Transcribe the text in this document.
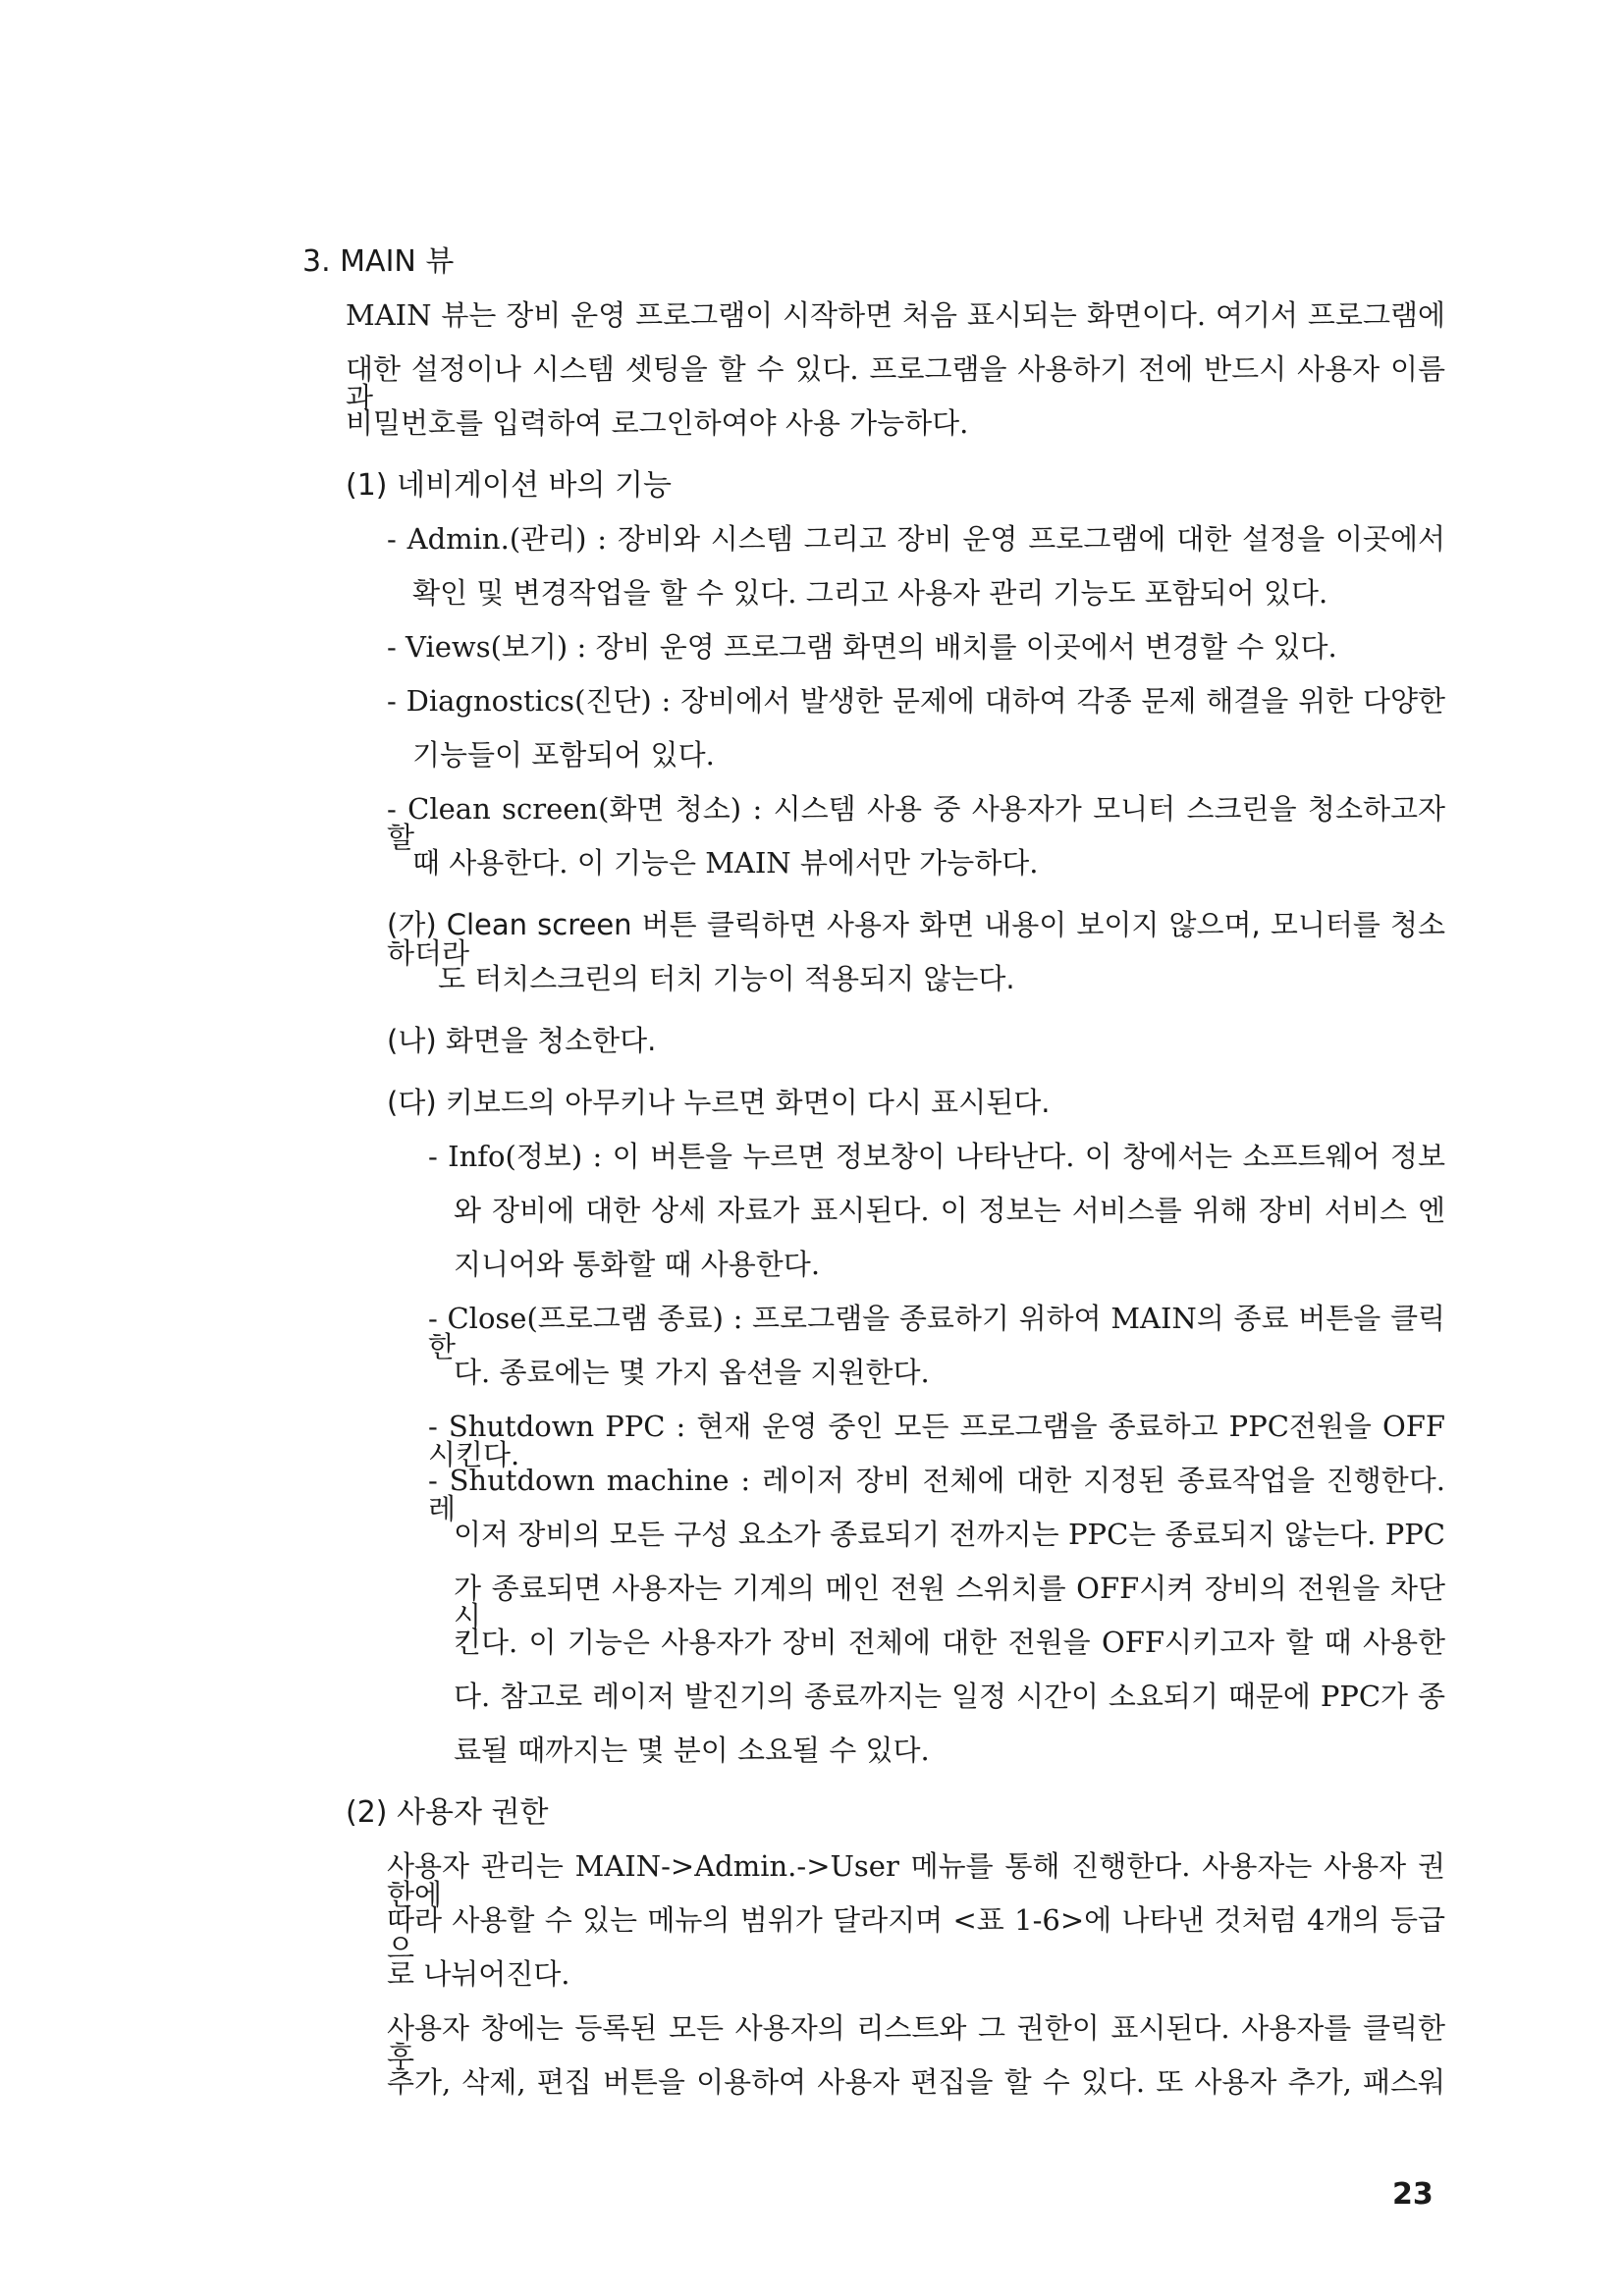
3. MAIN 뷰
MAIN 뷰는 장비 운영 프로그램이 시작하면 처음 표시되는 화면이다. 여기서 프로그램에
대한 설정이나 시스템 셋팅을 할 수 있다. 프로그램을 사용하기 전에 반드시 사용자 이름과
비밀번호를 입력하여 로그인하여야 사용 가능하다.
(1) 네비게이션 바의 기능
- Admin.(관리) : 장비와 시스템 그리고 장비 운영 프로그램에 대한 설정을 이곳에서
확인 및 변경작업을 할 수 있다. 그리고 사용자 관리 기능도 포함되어 있다.
- Views(보기) : 장비 운영 프로그램 화면의 배치를 이곳에서 변경할 수 있다.
- Diagnostics(진단) : 장비에서 발생한 문제에 대하여 각종 문제 해결을 위한 다양한
기능들이 포함되어 있다.
- Clean screen(화면 청소) : 시스템 사용 중 사용자가 모니터 스크린을 청소하고자 할
때 사용한다. 이 기능은 MAIN 뷰에서만 가능하다.
(가) Clean screen 버튼 클릭하면 사용자 화면 내용이 보이지 않으며, 모니터를 청소하더라
도 터치스크린의 터치 기능이 적용되지 않는다.
(나) 화면을 청소한다.
(다) 키보드의 아무키나 누르면 화면이 다시 표시된다.
- Info(정보) : 이 버튼을 누르면 정보창이 나타난다. 이 창에서는 소프트웨어 정보
와 장비에 대한 상세 자료가 표시된다. 이 정보는 서비스를 위해 장비 서비스 엔
지니어와 통화할 때 사용한다.
- Close(프로그램 종료) : 프로그램을 종료하기 위하여 MAIN의 종료 버튼을 클릭한
다. 종료에는 몇 가지 옵션을 지원한다.
- Shutdown PPC : 현재 운영 중인 모든 프로그램을 종료하고 PPC전원을 OFF시킨다.
- Shutdown machine : 레이저 장비 전체에 대한 지정된 종료작업을 진행한다. 레
이저 장비의 모든 구성 요소가 종료되기 전까지는 PPC는 종료되지 않는다. PPC
가 종료되면 사용자는 기계의 메인 전원 스위치를 OFF시켜 장비의 전원을 차단시
킨다. 이 기능은 사용자가 장비 전체에 대한 전원을 OFF시키고자 할 때 사용한
다. 참고로 레이저 발진기의 종료까지는 일정 시간이 소요되기 때문에 PPC가 종
료될 때까지는 몇 분이 소요될 수 있다.
(2) 사용자 권한
사용자 관리는 MAIN->Admin.->User 메뉴를 통해 진행한다. 사용자는 사용자 권한에
따라 사용할 수 있는 메뉴의 범위가 달라지며 <표 1-6>에 나타낸 것처럼 4개의 등급으
로 나뉘어진다.
사용자 창에는 등록된 모든 사용자의 리스트와 그 권한이 표시된다. 사용자를 클릭한 후
추가, 삭제, 편집 버튼을 이용하여 사용자 편집을 할 수 있다. 또 사용자 추가, 패스워
23
